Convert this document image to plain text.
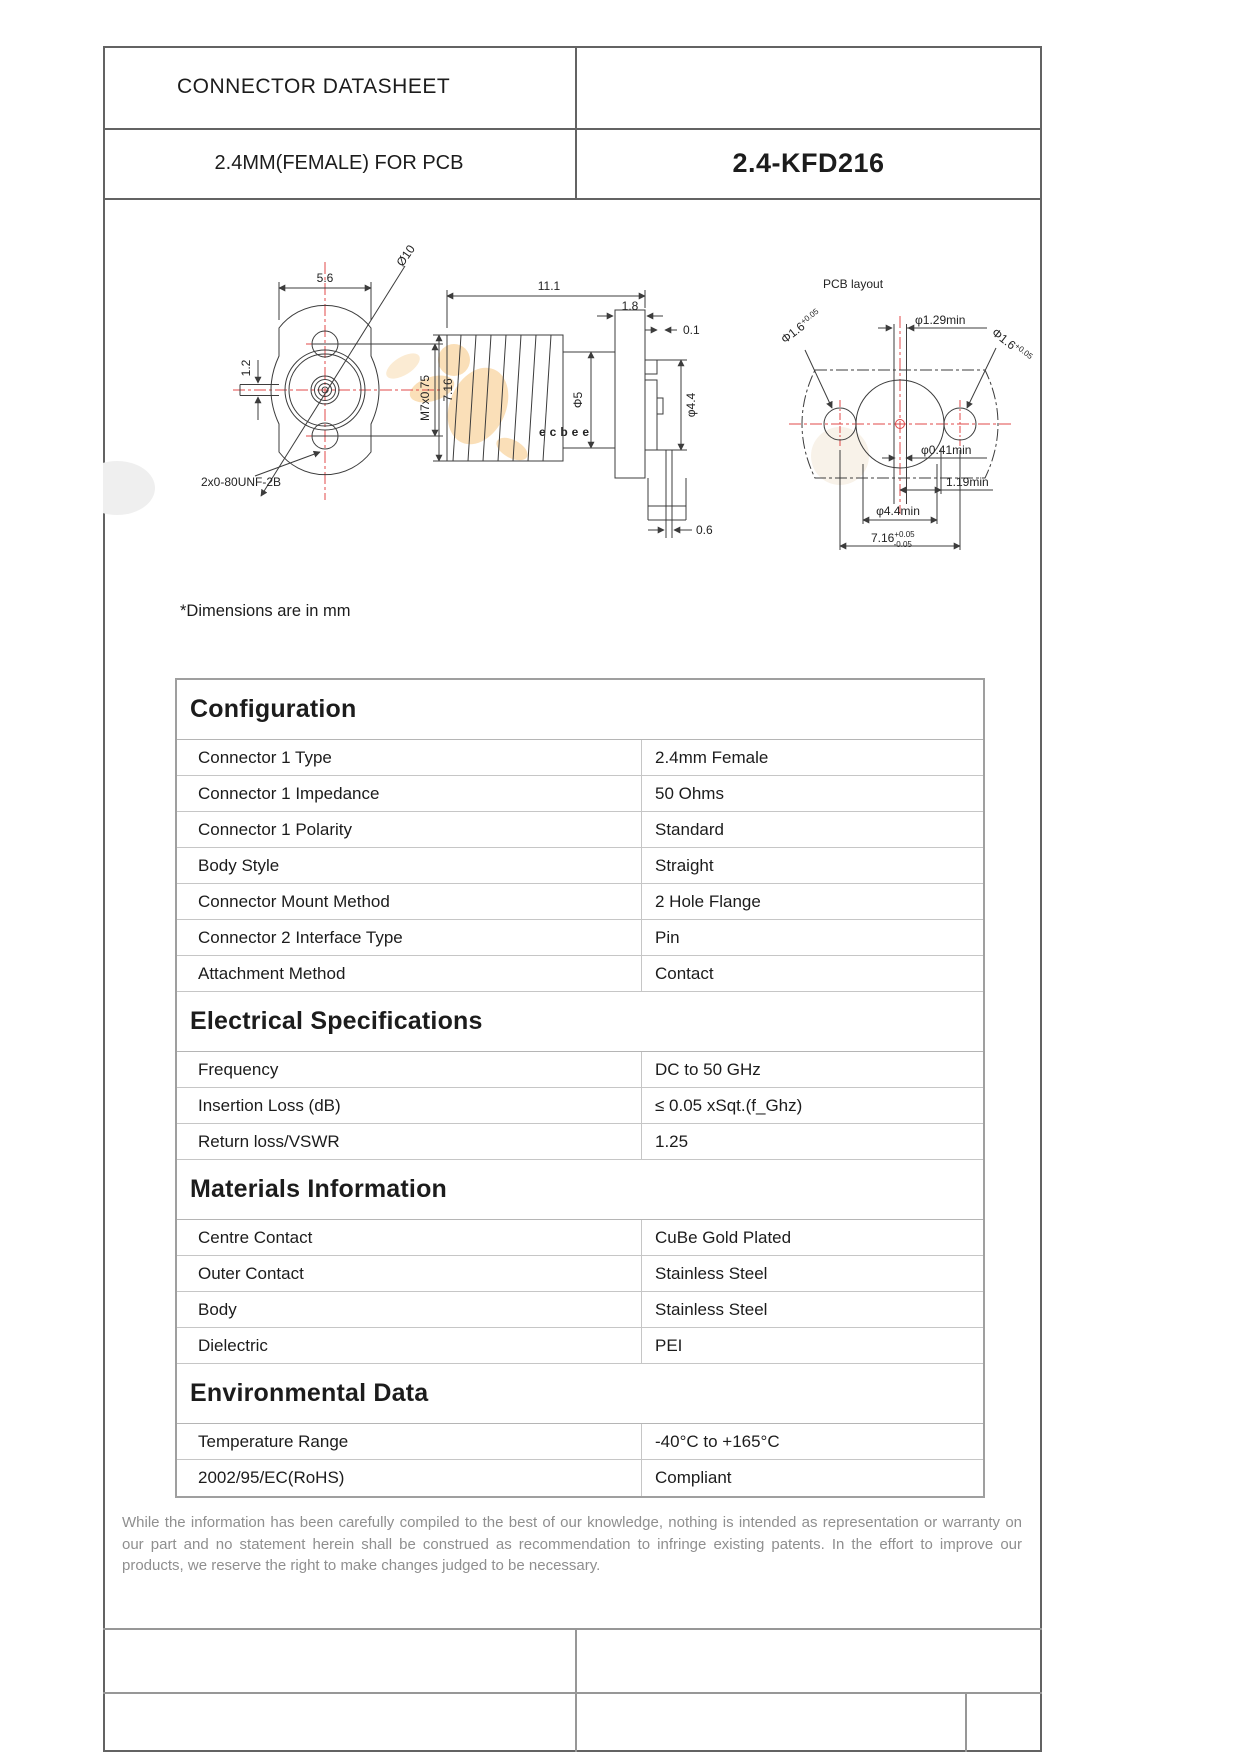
CONNECTOR DATASHEET
2.4MM(FEMALE) FOR PCB	2.4-KFD216
ecbee
5.6
Ø10
1.2
7.16
2x0-80UNF-2B
11.1
1.8
0.1
M7x0.75	Φ5	φ4.4
0.6
PCB layout
φ1.29min
$\Phi 1.6^{+0.05}$
$\Phi 1.6^{+0.05}$
φ0.41min
1.19min
φ4.4min
$7.16^{+0.05}$ -0.05
*Dimensions are in mm
Configuration
Connector 1 Type	2.4mm Female
Connector 1 Impedance	50 Ohms
Connector 1 Polarity	Standard
Body Style	Straight
Connector Mount Method	2 Hole Flange
Connector 2 Interface Type	Pin
Attachment Method	Contact
Electrical Specifications
Frequency	DC to 50 GHz
Insertion Loss (dB)	≤ 0.05 xSqt.(f_Ghz)
Return loss/VSWR	1.25
Materials Information
Centre Contact	CuBe Gold Plated
Outer Contact	Stainless Steel
Body	Stainless Steel
Dielectric	PEI
Environmental Data
Temperature Range	-40°C to +165°C
2002/95/EC(RoHS)	Compliant
While the information has been carefully compiled to the best of our knowledge, nothing is intended as representation or warranty on our part and no statement herein shall be construed as recommendation to infringe existing patents. In the effort to improve our products, we reserve the right to make changes judged to be necessary.
